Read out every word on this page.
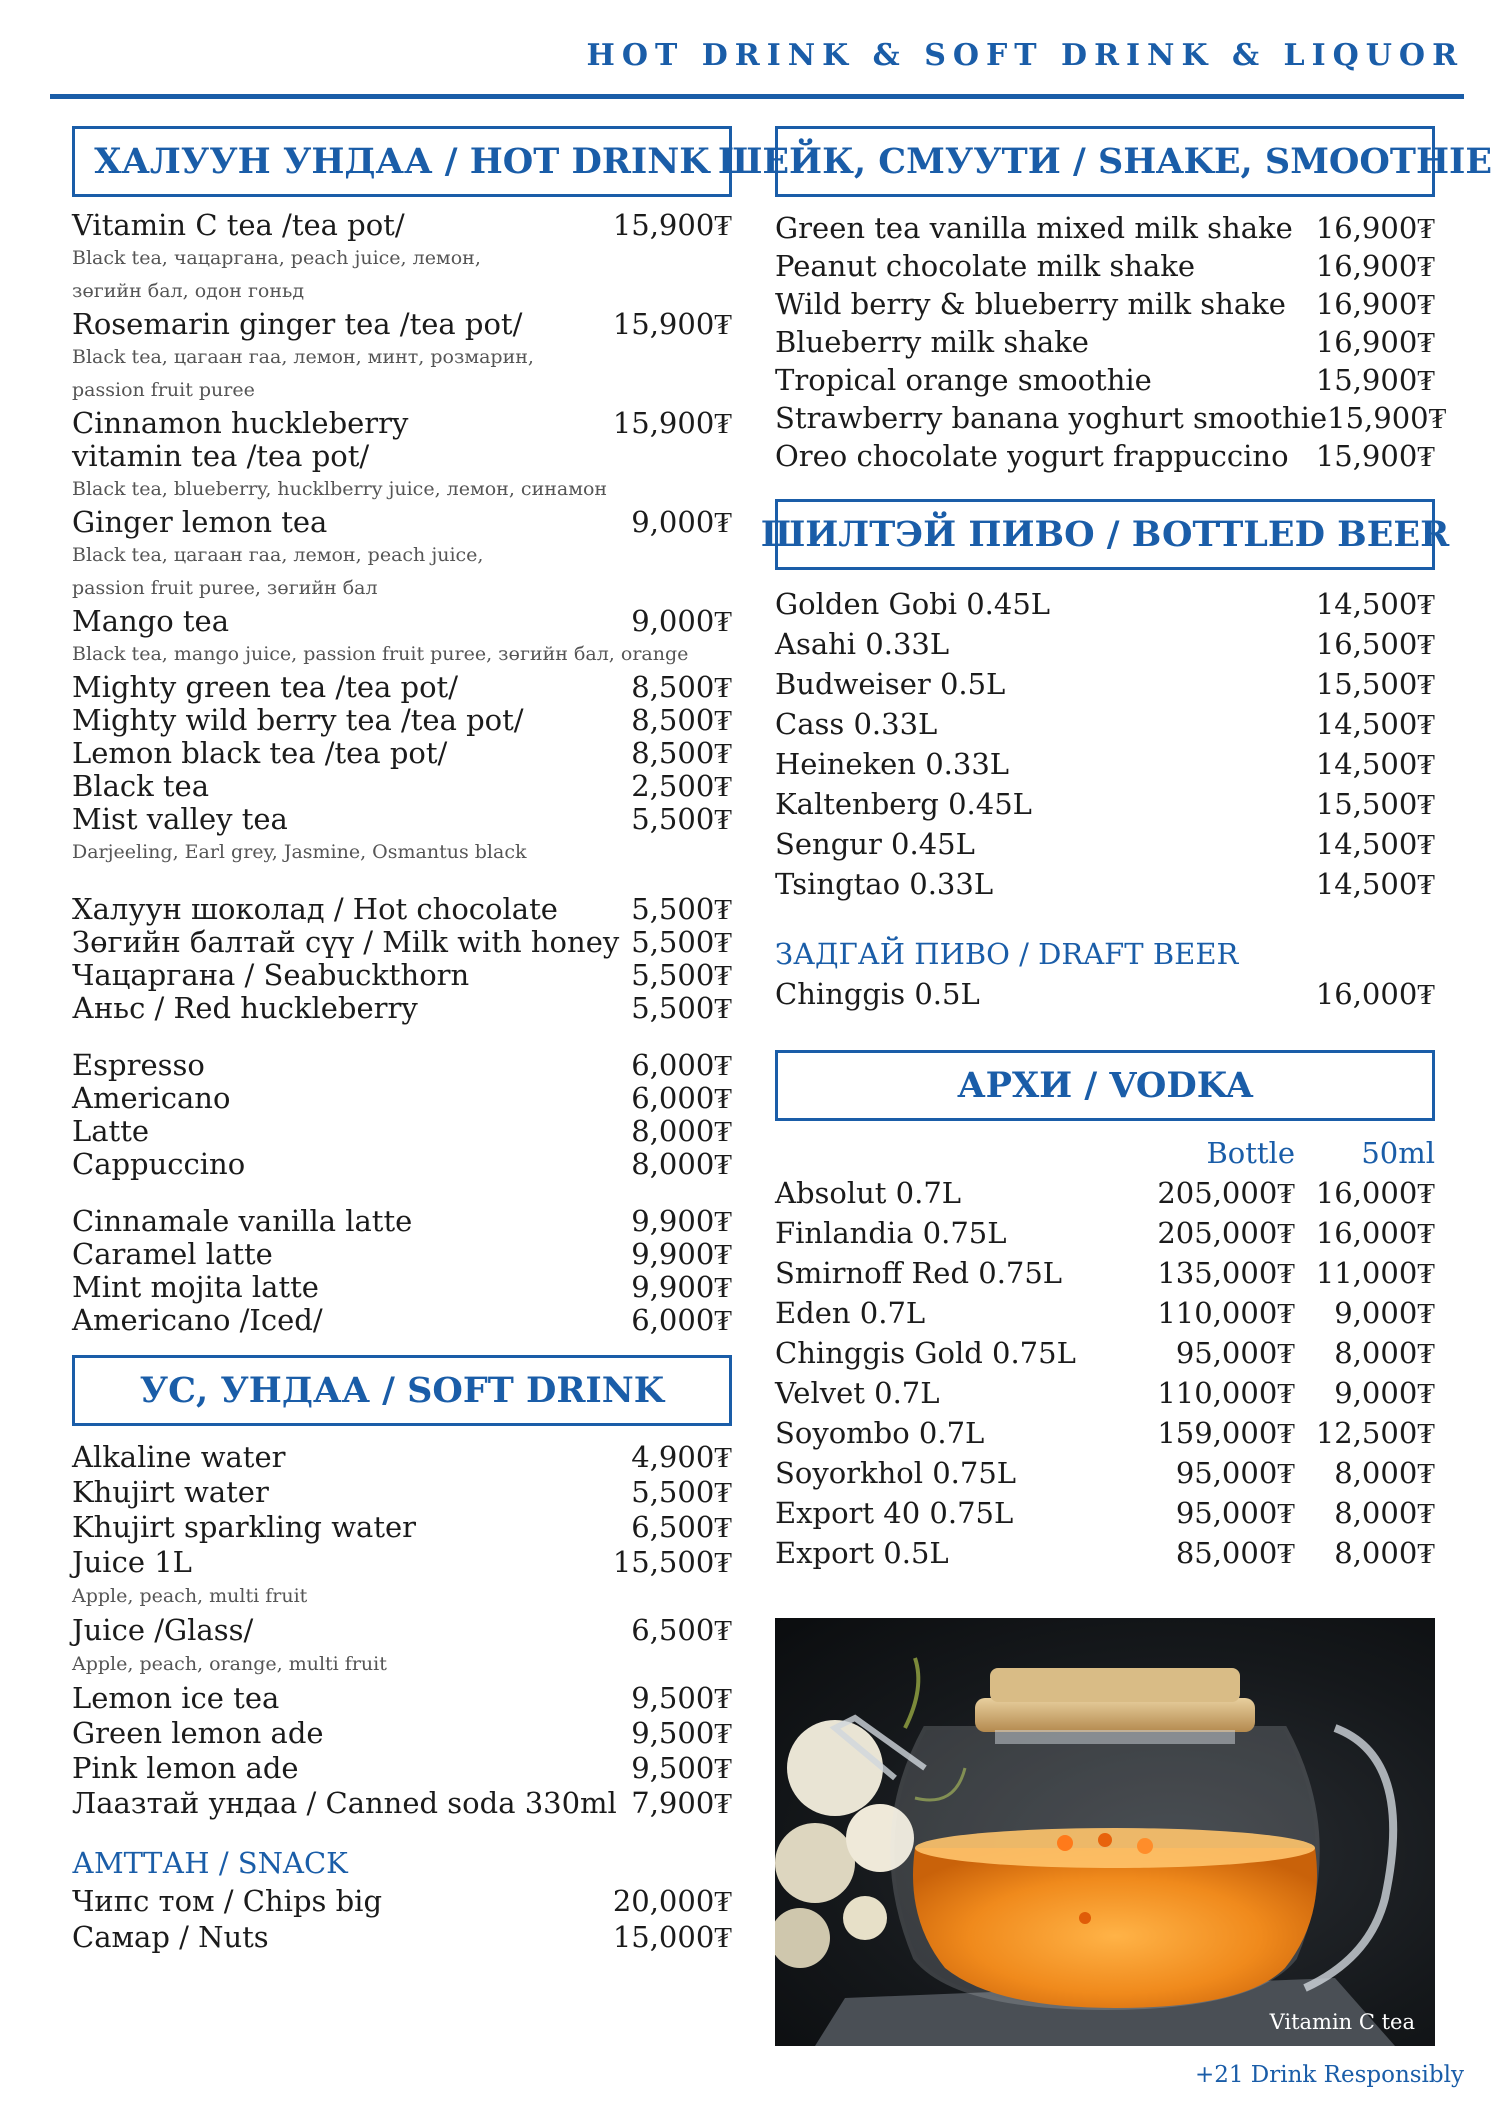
HOT DRINK & SOFT DRINK & LIQUOR
ХАЛУУН УНДАА / HOT DRINK
Vitamin C tea /tea pot/	15,900₮
Black tea, чацаргана, peach juice, лемон,
зөгийн бал, одон гоньд
Rosemarin ginger tea /tea pot/	15,900₮
Black tea, цагаан гаа, лемон, минт, розмарин,
passion fruit puree
Cinnamon huckleberry	15,900₮
vitamin tea /tea pot/
Black tea, blueberry, hucklberry juice, лемон, синамон
Ginger lemon tea	9,000₮
Black tea, цагаан гаа, лемон, peach juice,
passion fruit puree, зөгийн бал
Mango tea	9,000₮
Black tea, mango juice, passion fruit puree, зөгийн бал, orange
Mighty green tea /tea pot/	8,500₮
Mighty wild berry tea /tea pot/	8,500₮
Lemon black tea /tea pot/	8,500₮
Black tea	2,500₮
Mist valley tea	5,500₮
Darjeeling, Earl grey, Jasmine, Osmantus black
Халуун шоколад / Hot chocolate	5,500₮
Зөгийн балтай сүү / Milk with honey 5,500₮
Чацаргана / Seabuckthorn	5,500₮
Аньс / Red huckleberry	5,500₮
Espresso	6,000₮
Americano	6,000₮
Latte	8,000₮
Cappuccino	8,000₮
Cinnamale vanilla latte	9,900₮
Caramel latte	9,900₮
Mint mojita latte	9,900₮
Americano /Iced/	6,000₮
УС, УНДАА / SOFT DRINK
Alkaline water	4,900₮
Khujirt water	5,500₮
Khujirt sparkling water	6,500₮
Juice 1L	15,500₮
Apple, peach, multi fruit
Juice /Glass/	6,500₮
Apple, peach, orange, multi fruit
Lemon ice tea	9,500₮
Green lemon ade	9,500₮
Pink lemon ade	9,500₮
Лаазтай ундаа / Canned soda 330ml 7,900₮
АМТТАН / SNACK
Чипс том / Chips big	20,000₮
Самар / Nuts	15,000₮
ШЕЙК, СМУУТИ / SHAKE, SMOOTHIE
Green tea vanilla mixed milk shake 16,900₮
Peanut chocolate milk shake	16,900₮
Wild berry & blueberry milk shake	16,900₮
Blueberry milk shake	16,900₮
Tropical orange smoothie	15,900₮
Strawberry banana yoghurt smoothie 15,900₮
Oreo chocolate yogurt frappuccino 15,900₮
ШИЛТЭЙ ПИВО / BOTTLED BEER
Golden Gobi 0.45L	14,500₮
Asahi 0.33L	16,500₮
Budweiser 0.5L	15,500₮
Cass 0.33L	14,500₮
Heineken 0.33L	14,500₮
Kaltenberg 0.45L	15,500₮
Sengur 0.45L	14,500₮
Tsingtao 0.33L	14,500₮
ЗАДГАЙ ПИВО / DRAFT BEER
Chinggis 0.5L	16,000₮
АРХИ / VODKA
Bottle	50ml
Absolut 0.7L	205,000₮ 16,000₮
Finlandia 0.75L	205,000₮ 16,000₮
Smirnoff Red 0.75L	135,000₮ 11,000₮
Eden 0.7L	110,000₮	9,000₮
Chinggis Gold 0.75L	95,000₮	8,000₮
Velvet 0.7L	110,000₮	9,000₮
Soyombo 0.7L	159,000₮ 12,500₮
Soyorkhol 0.75L	95,000₮	8,000₮
Export 40 0.75L	95,000₮	8,000₮
Export 0.5L	85,000₮	8,000₮
Vitamin C tea
+21 Drink Responsibly
